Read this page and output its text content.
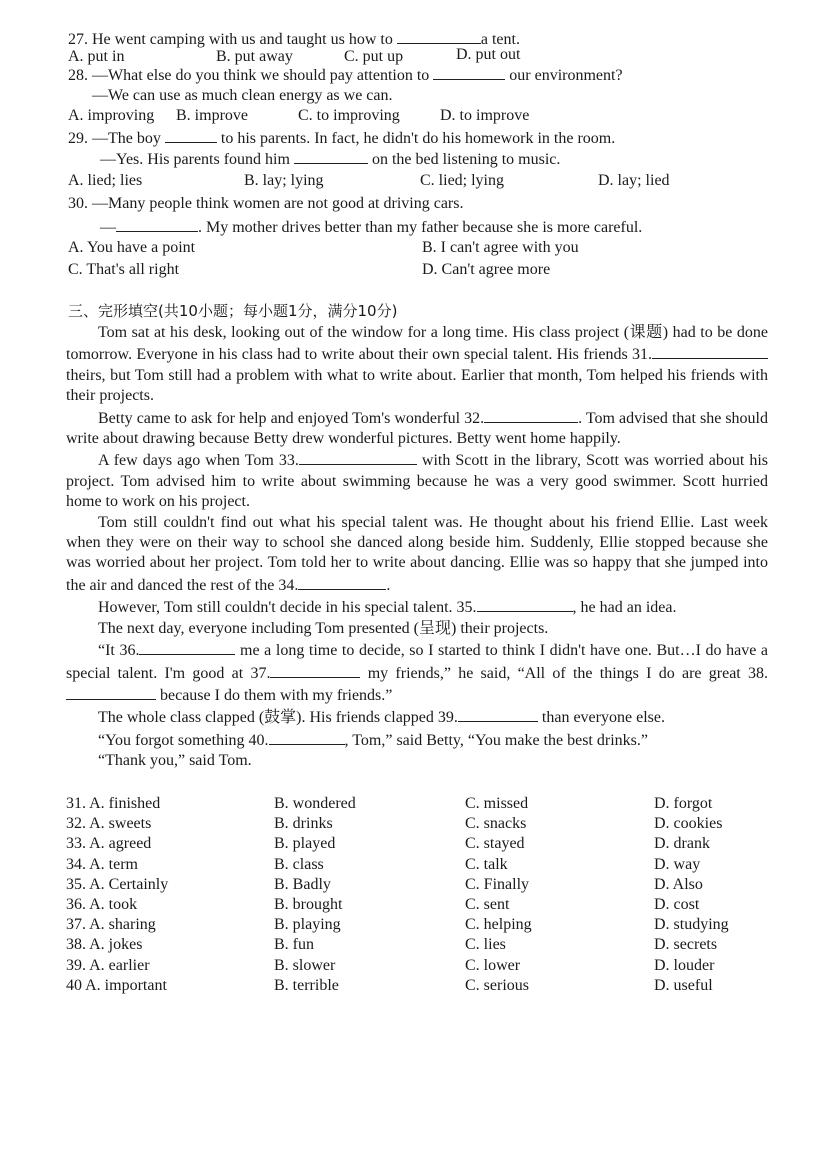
27. He went camping with us and taught us how to	a tent.
A. put in	B. put away	C. put up	D. put out
28. —What else do you think we should pay attention to	our environment?
—We can use as much clean energy as we can.
A. improving B. improve	C. to improving	D. to improve
29. —The boy	to his parents. In fact, he didn't do his homework in the room.
—Yes. His parents found him	on the bed listening to music.
A. lied; lies	B. lay; lying	C. lied; lying	D. lay; lied
30. —Many people think women are not good at driving cars.
—	. My mother drives better than my father because she is more careful.
A. You have a point	B. I can't agree with you
C. That's all right	D. Can't agree more
三、完形填空(共10小题；每小题1分，满分10分)

Tom sat at his desk, looking out of the window for a long time. His class project (课题) had to be done tomorrow. Everyone in his class had to write about their own special talent. His friends 31. theirs, but Tom still had a problem with what to write about. Earlier that month, Tom helped his friends with their projects.

Betty came to ask for help and enjoyed Tom's wonderful 32.	. Tom advised that she should write about drawing because Betty drew wonderful pictures. Betty went home happily.

A few days ago when Tom 33.	with Scott in the library, Scott was worried about his project. Tom advised him to write about swimming because he was a very good swimmer. Scott hurried home to work on his project.

Tom still couldn't find out what his special talent was. He thought about his friend Ellie. Last week when they were on their way to school she danced along beside him. Suddenly, Ellie stopped because she was worried about her project. Tom told her to write about dancing. Ellie was so happy that she jumped into the air and danced the rest of the 34.	.

However, Tom still couldn't decide in his special talent. 35.	, he had an idea.

The next day, everyone including Tom presented (呈现) their projects.

“It 36.	me a long time to decide, so I started to think I didn't have one. But…I do have a special talent. I'm good at 37.	my friends,” he said, “All of the things I do are great 38. because I do them with my friends.”

The whole class clapped (鼓掌). His friends clapped 39.	than everyone else.

“You forgot something 40.	, Tom,” said Betty, “You make the best drinks.”

“Thank you,” said Tom.

31. A. finished	B. wondered	C. missed	D. forgot
32. A. sweets	B. drinks	C. snacks	D. cookies
33. A. agreed	B. played	C. stayed	D. drank
34. A. term	B. class	C. talk	D. way
35. A. Certainly	B. Badly	C. Finally	D. Also
36. A. took	B. brought	C. sent	D. cost
37. A. sharing	B. playing	C. helping	D. studying
38. A. jokes	B. fun	C. lies	D. secrets
39. A. earlier	B. slower	C. lower	D. louder
40 A. important	B. terrible	C. serious	D. useful
